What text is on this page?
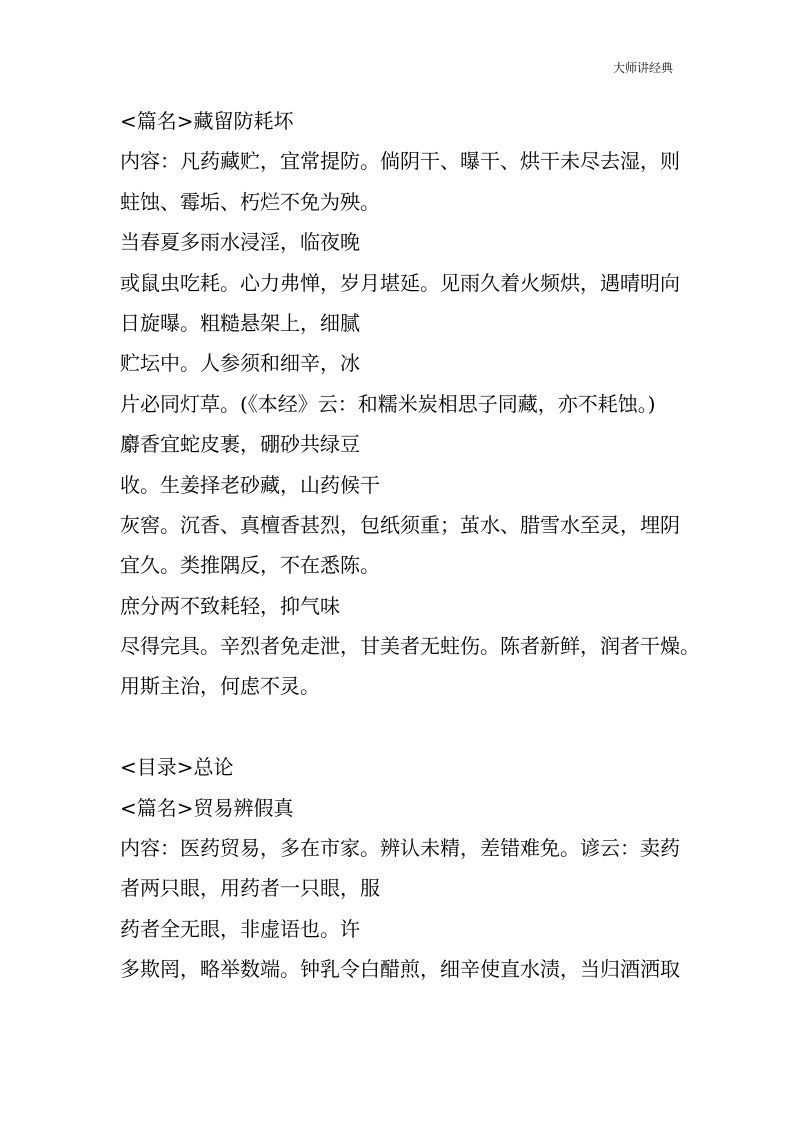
大师讲经典
<篇名>藏留防耗坏
内容：凡药藏贮，宜常提防。倘阴干、曝干、烘干未尽去湿，则
蛀蚀、霉垢、朽烂不免为殃。
当春夏多雨水浸淫，临夜晚
或鼠虫吃耗。心力弗惮，岁月堪延。见雨久着火频烘，遇晴明向
日旋曝。粗糙悬架上，细腻
贮坛中。人参须和细辛，冰
片必同灯草。(《本经》云：和糯米炭相思子同藏，亦不耗蚀。)
麝香宜蛇皮裹，硼砂共绿豆
收。生姜择老砂藏，山药候干
灰窖。沉香、真檀香甚烈，包纸须重；茧水、腊雪水至灵，埋阴
宜久。类推隅反，不在悉陈。
庶分两不致耗轻，抑气味
尽得完具。辛烈者免走泄，甘美者无蛀伤。陈者新鲜，润者干燥。
用斯主治，何虑不灵。
<目录>总论
<篇名>贸易辨假真
内容：医药贸易，多在市家。辨认未精，差错难免。谚云：卖药
者两只眼，用药者一只眼，服
药者全无眼，非虚语也。许
多欺罔，略举数端。钟乳令白醋煎，细辛使直水渍，当归酒洒取
